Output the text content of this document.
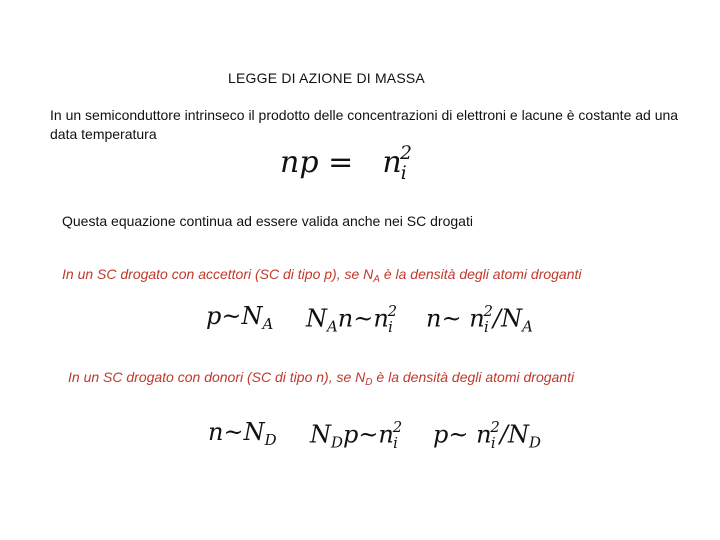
LEGGE DI AZIONE DI MASSA
In un semiconduttore intrinseco il prodotto delle concentrazioni di elettroni e lacune è costante ad una data temperatura
np = $n_i^2$
Questa equazione continua ad essere valida anche nei SC drogati
In un SC drogato con accettori (SC di tipo p), se $N_A$ è la densità degli atomi droganti
$p\sim N_A$ $N_An\sim n_i^2$ n~ $n_i^2/N_A$
In un SC drogato con donori (SC di tipo n), se $N_D$ è la densità degli atomi droganti
$n\sim N_D$ $N_Dp\sim n_i^2$ p~ $n_i^2/N_D$
